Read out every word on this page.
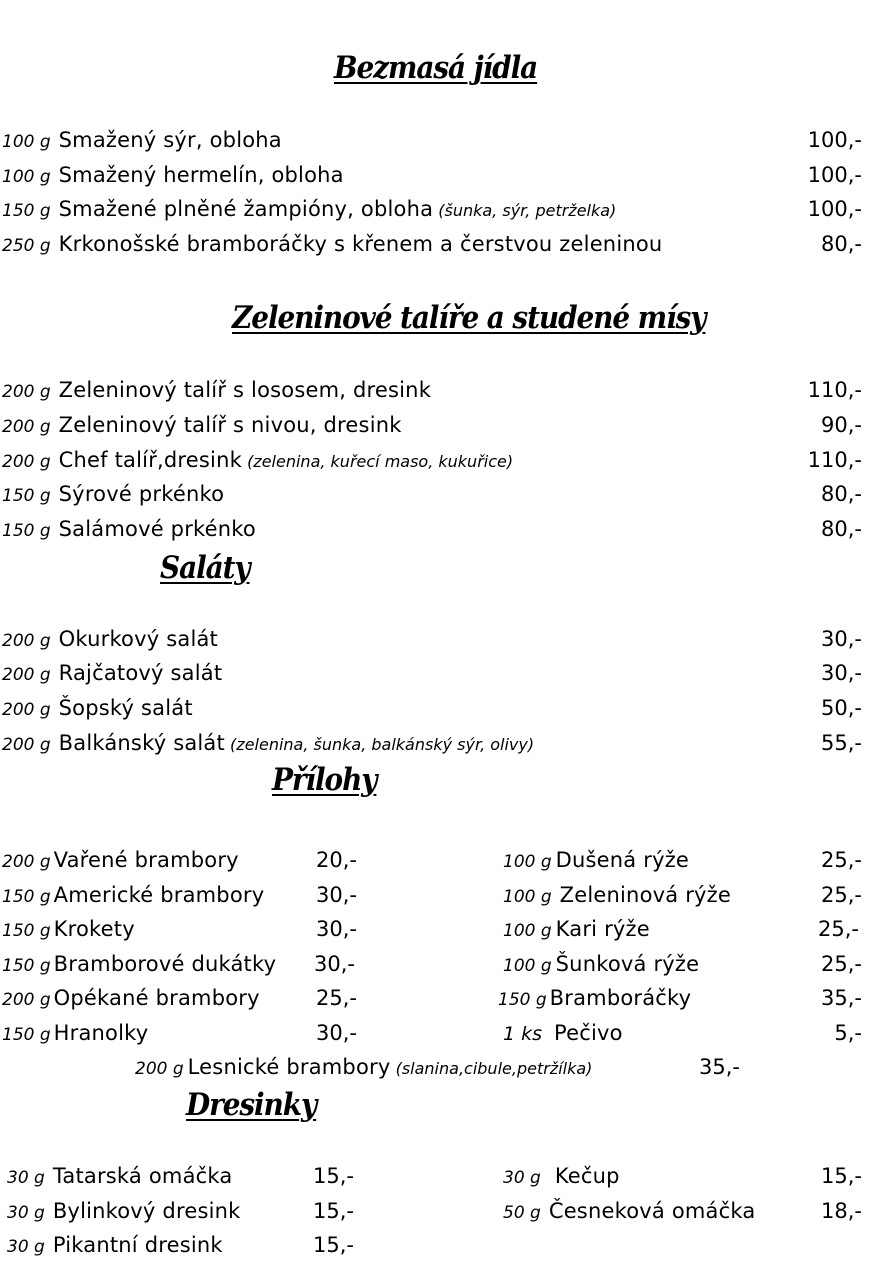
Bezmasá jídla
100 g Smažený sýr, obloha	100,-
100 g Smažený hermelín, obloha	100,-
150 g Smažené plněné žampióny, obloha (šunka, sýr, petrželka)	100,-
250 g Krkonošské bramboráčky s křenem a čerstvou zeleninou	80,-
Zeleninové talíře a studené mísy
200 g Zeleninový talíř s lososem, dresink	110,-
200 g Zeleninový talíř s nivou, dresink	90,-
200 g Chef talíř,dresink (zelenina, kuřecí maso, kukuřice)	110,-
150 g Sýrové prkénko	80,-
150 g Salámové prkénko	80,-
Saláty
200 g Okurkový salát	30,-
200 g Rajčatový salát	30,-
200 g Šopský salát	50,-
200 g Balkánský salát (zelenina, šunka, balkánský sýr, olivy)	55,-
Přílohy
200 g Vařené brambory	20,-
150 g Americké brambory 30,-
150 g Krokety	30,-
150 g Bramborové dukátky 30,-
200 g Opékané brambory	25,-
150 g Hranolky	30,-
100 g Dušená rýže	25,-
100 g Zeleninová rýže	25,-
100 g Kari rýže	25,-
100 g Šunková rýže	25,-
150 g Bramboráčky	35,-
1 ks Pečivo	5,-
200 g Lesnické brambory (slanina,cibule,petržílka)	35,-
Dresinky
30 g Tatarská omáčka	15,-
30 g Bylinkový dresink	15,-
30 g Pikantní dresink	15,-
30 g Kečup	15,-
50 g Česneková omáčka	18,-
